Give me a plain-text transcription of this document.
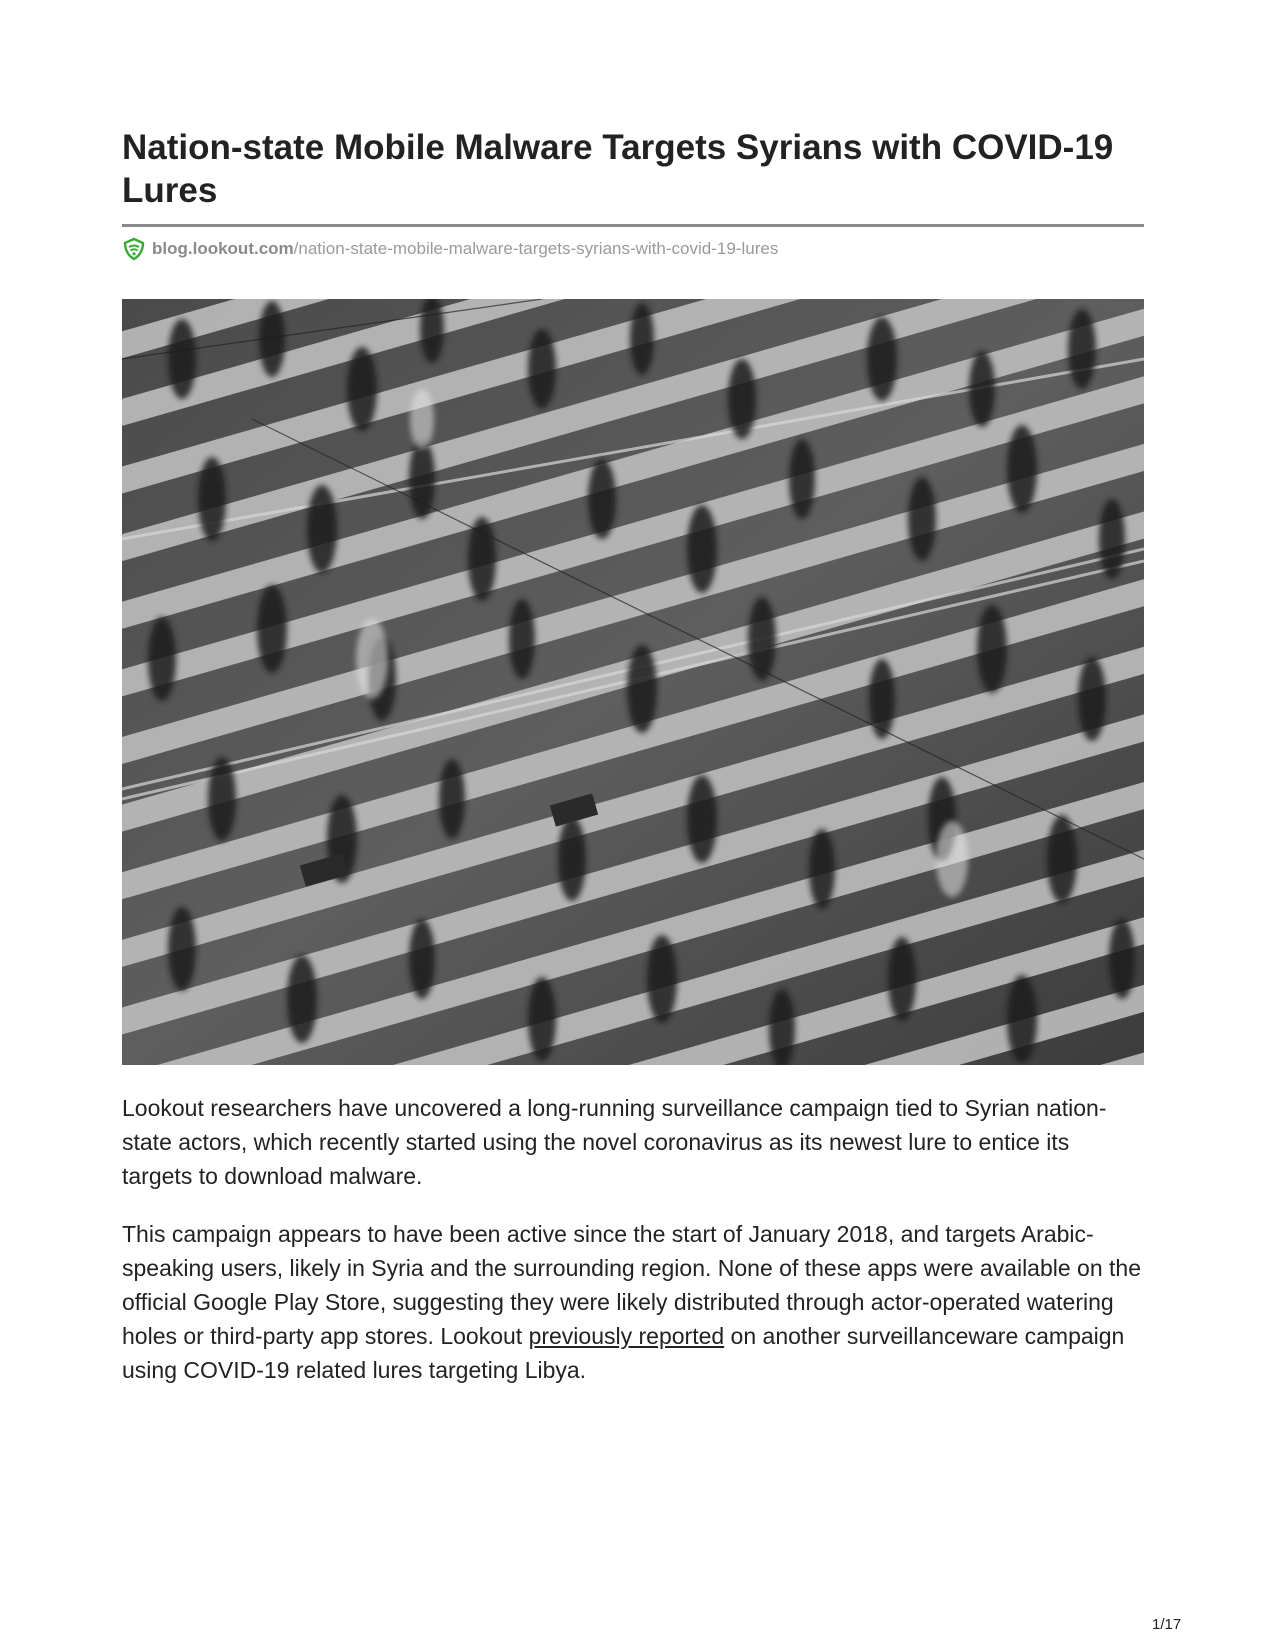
Nation-state Mobile Malware Targets Syrians with COVID-19 Lures
blog.lookout.com /nation-state-mobile-malware-targets-syrians-with-covid-19-lures

Lookout researchers have uncovered a long-running surveillance campaign tied to Syrian nation-state actors, which recently started using the novel coronavirus as its newest lure to entice its targets to download malware.

This campaign appears to have been active since the start of January 2018, and targets Arabic-speaking users, likely in Syria and the surrounding region. None of these apps were available on the official Google Play Store, suggesting they were likely distributed through actor-operated watering holes or third-party app stores. Lookout previously reported on another surveillanceware campaign using COVID-19 related lures targeting Libya.

1/17
